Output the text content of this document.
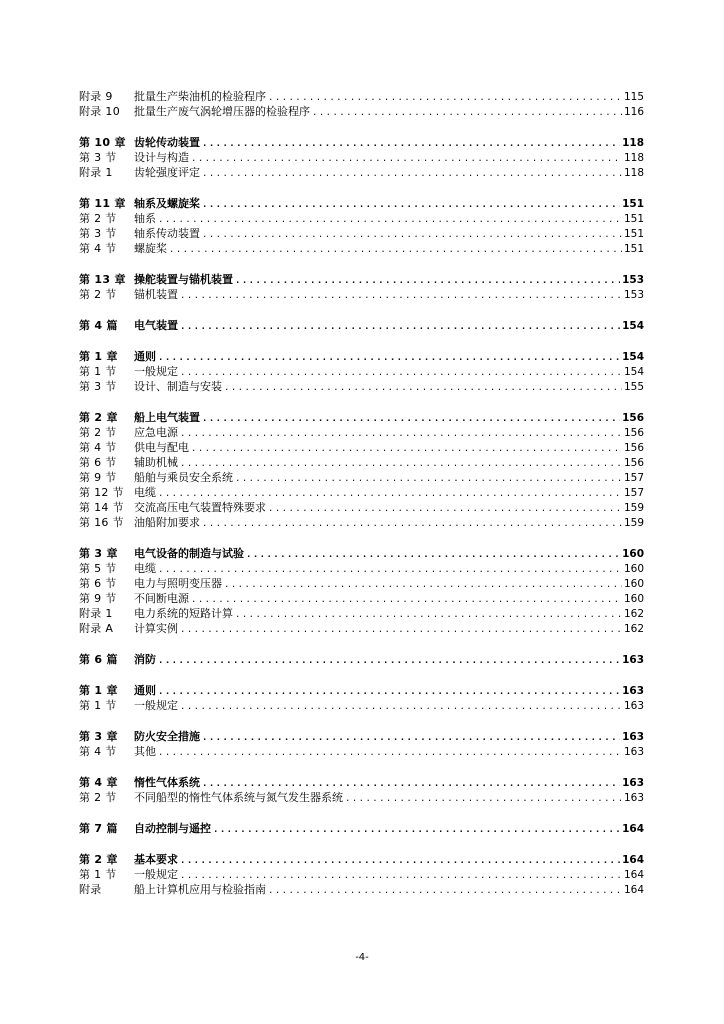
附录 9	批量生产柴油机的检验程序 .....	115
附录 10	批量生产废气涡轮增压器的检验程序 .....	116
第 10 章 齿轮传动装置 .....	118
第 3 节	设计与构造 .....	118
附录 1	齿轮强度评定 .....	118
第 11 章 轴系及螺旋桨 .....	151
第 2 节	轴系 .....	151
第 3 节	轴系传动装置 .....	151
第 4 节	螺旋桨 .....	151
第 13 章 操舵装置与锚机装置 .....	153
第 2 节	锚机装置 .....	153
第 4 篇	电气装置 .....	154
第 1 章	通则 .....	154
第 1 节	一般规定 .....	154
第 3 节	设计、制造与安装 .....	155
第 2 章	船上电气装置 .....	156
第 2 节	应急电源 .....	156
第 4 节	供电与配电 .....	156
第 6 节	辅助机械 .....	156
第 9 节	船舶与乘员安全系统 .....	157
第 12 节 电缆 .....	157
第 14 节 交流高压电气装置特殊要求 .....	159
第 16 节 油船附加要求 .....	159
第 3 章	电气设备的制造与试验 .....	160
第 5 节	电缆 .....	160
第 6 节	电力与照明变压器 .....	160
第 9 节	不间断电源 .....	160
附录 1	电力系统的短路计算 .....	162
附录 A	计算实例 .....	162
第 6 篇	消防 .....	163
第 1 章	通则 .....	163
第 1 节	一般规定 .....	163
第 3 章	防火安全措施 .....	163
第 4 节	其他 .....	163
第 4 章	惰性气体系统 .....	163
第 2 节	不同船型的惰性气体系统与氮气发生器系统 .....	163
第 7 篇	自动控制与遥控 .....	164
第 2 章	基本要求 .....	164
第 1 节	一般规定 .....	164
附录	船上计算机应用与检验指南 .....	164
-4-
